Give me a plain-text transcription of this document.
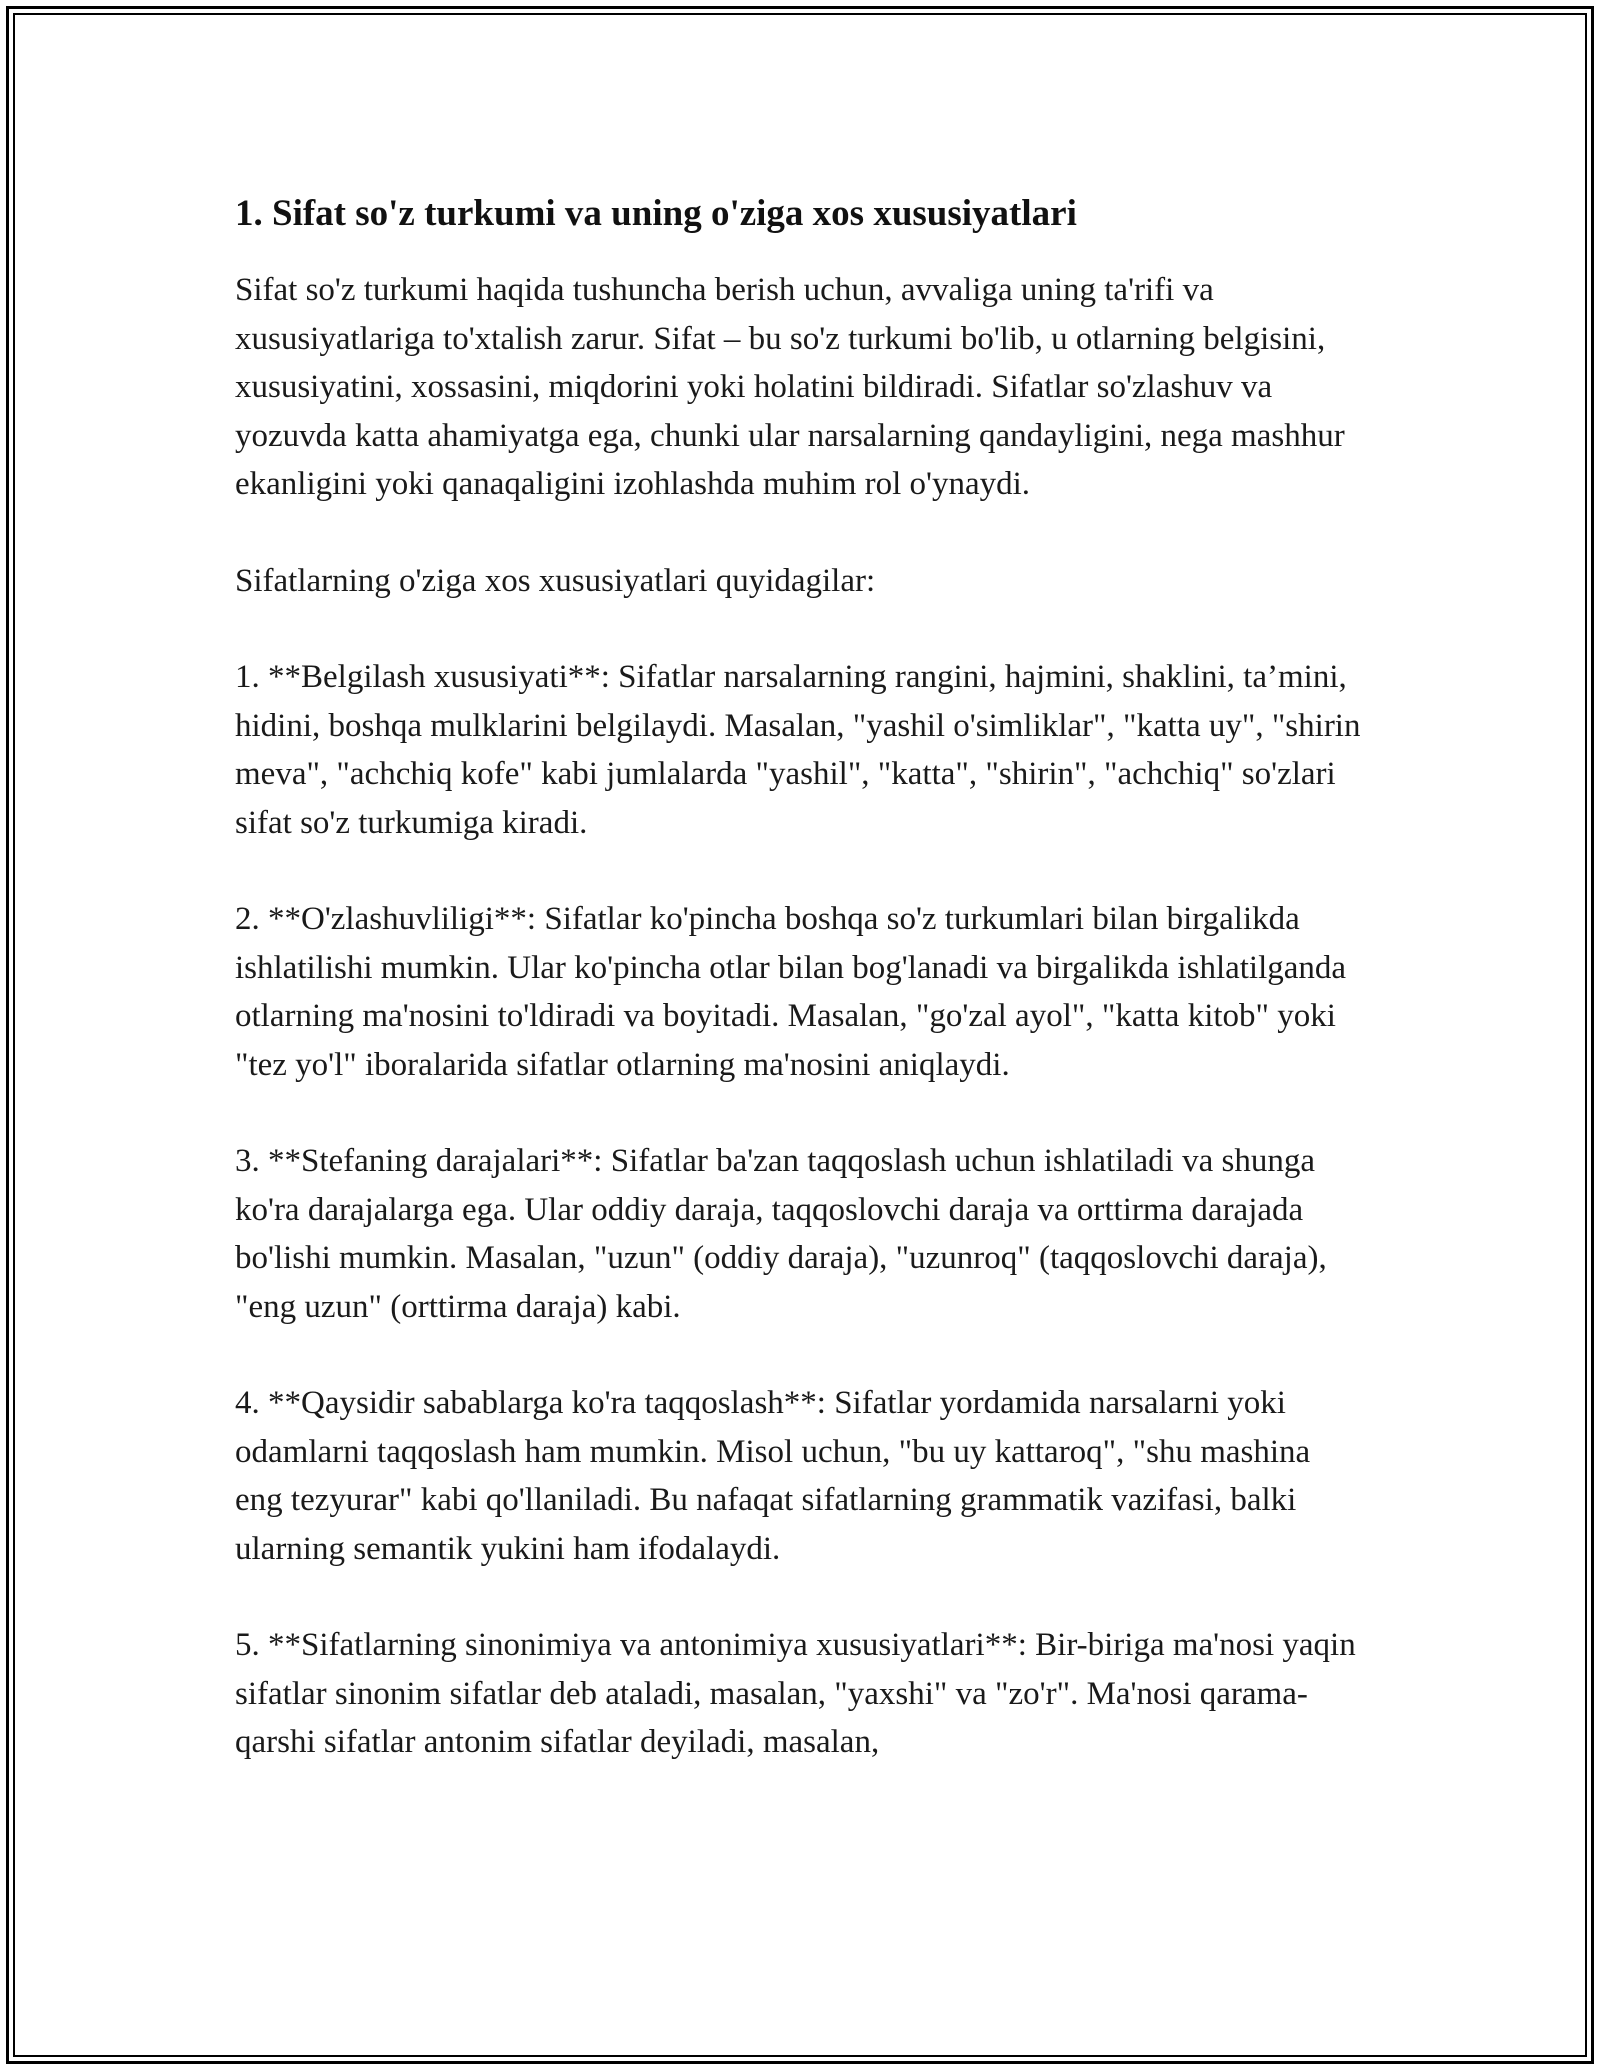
1. Sifat so'z turkumi va uning o'ziga xos xususiyatlari

Sifat so'z turkumi haqida tushuncha berish uchun, avvaliga uning ta'rifi va xususiyatlariga to'xtalish zarur. Sifat – bu so'z turkumi bo'lib, u otlarning belgisini, xususiyatini, xossasini, miqdorini yoki holatini bildiradi. Sifatlar so'zlashuv va yozuvda katta ahamiyatga ega, chunki ular narsalarning qandayligini, nega mashhur ekanligini yoki qanaqaligini izohlashda muhim rol o'ynaydi.

Sifatlarning o'ziga xos xususiyatlari quyidagilar:

1. **Belgilash xususiyati**: Sifatlar narsalarning rangini, hajmini, shaklini, ta’mini, hidini, boshqa mulklarini belgilaydi. Masalan, "yashil o'simliklar", "katta uy", "shirin meva", "achchiq kofe" kabi jumlalarda "yashil", "katta", "shirin", "achchiq" so'zlari sifat so'z turkumiga kiradi.

2. **O'zlashuvliligi**: Sifatlar ko'pincha boshqa so'z turkumlari bilan birgalikda ishlatilishi mumkin. Ular ko'pincha otlar bilan bog'lanadi va birgalikda ishlatilganda otlarning ma'nosini to'ldiradi va boyitadi. Masalan, "go'zal ayol", "katta kitob" yoki "tez yo'l" iboralarida sifatlar otlarning ma'nosini aniqlaydi.

3. **Stefaning darajalari**: Sifatlar ba'zan taqqoslash uchun ishlatiladi va shunga ko'ra darajalarga ega. Ular oddiy daraja, taqqoslovchi daraja va orttirma darajada bo'lishi mumkin. Masalan, "uzun" (oddiy daraja), "uzunroq" (taqqoslovchi daraja), "eng uzun" (orttirma daraja) kabi.

4. **Qaysidir sabablarga ko'ra taqqoslash**: Sifatlar yordamida narsalarni yoki odamlarni taqqoslash ham mumkin. Misol uchun, "bu uy kattaroq", "shu mashina eng tezyurar" kabi qo'llaniladi. Bu nafaqat sifatlarning grammatik vazifasi, balki ularning semantik yukini ham ifodalaydi.

5. **Sifatlarning sinonimiya va antonimiya xususiyatlari**: Bir-biriga ma'nosi yaqin sifatlar sinonim sifatlar deb ataladi, masalan, "yaxshi" va "zo'r". Ma'nosi qarama-qarshi sifatlar antonim sifatlar deyiladi, masalan,
